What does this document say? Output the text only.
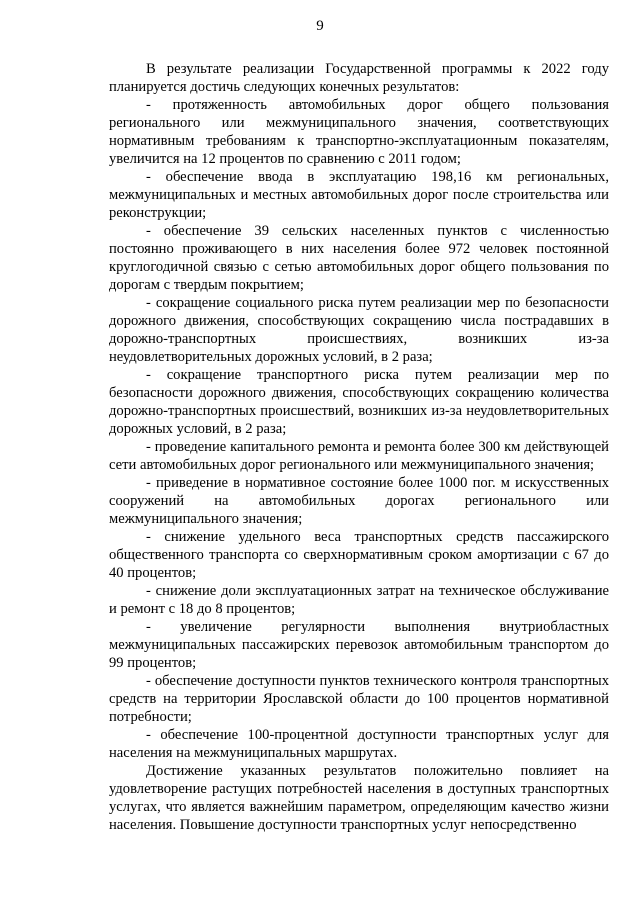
9

В результате реализации Государственной программы к 2022 году планируется достичь следующих конечных результатов:

- протяженность автомобильных дорог общего пользования регионального или межмуниципального значения, соответствующих нормативным требованиям к транспортно-эксплуатационным показателям, увеличится на 12 процентов по сравнению с 2011 годом;

- обеспечение ввода в эксплуатацию 198,16 км региональных, межмуниципальных и местных автомобильных дорог после строительства или реконструкции;

- обеспечение 39 сельских населенных пунктов с численностью постоянно проживающего в них населения более 972 человек постоянной круглогодичной связью с сетью автомобильных дорог общего пользования по дорогам с твердым покрытием;

- сокращение социального риска путем реализации мер по безопасности дорожного движения, способствующих сокращению числа пострадавших в дорожно-транспортных происшествиях, возникших из-за неудовлетворительных дорожных условий, в 2 раза;

- сокращение транспортного риска путем реализации мер по безопасности дорожного движения, способствующих сокращению количества дорожно-транспортных происшествий, возникших из-за неудовлетворительных дорожных условий, в 2 раза;

- проведение капитального ремонта и ремонта более 300 км действующей сети автомобильных дорог регионального или межмуниципального значения;

- приведение в нормативное состояние более 1000 пог. м искусственных сооружений на автомобильных дорогах регионального или межмуниципального значения;

- снижение удельного веса транспортных средств пассажирского общественного транспорта со сверхнормативным сроком амортизации с 67 до 40 процентов;

- снижение доли эксплуатационных затрат на техническое обслуживание и ремонт с 18 до 8 процентов;

- увеличение регулярности выполнения внутриобластных межмуниципальных пассажирских перевозок автомобильным транспортом до 99 процентов;

- обеспечение доступности пунктов технического контроля транспортных средств на территории Ярославской области до 100 процентов нормативной потребности;

- обеспечение 100-процентной доступности транспортных услуг для населения на межмуниципальных маршрутах.

Достижение указанных результатов положительно повлияет на удовлетворение растущих потребностей населения в доступных транспортных услугах, что является важнейшим параметром, определяющим качество жизни населения. Повышение доступности транспортных услуг непосредственно
